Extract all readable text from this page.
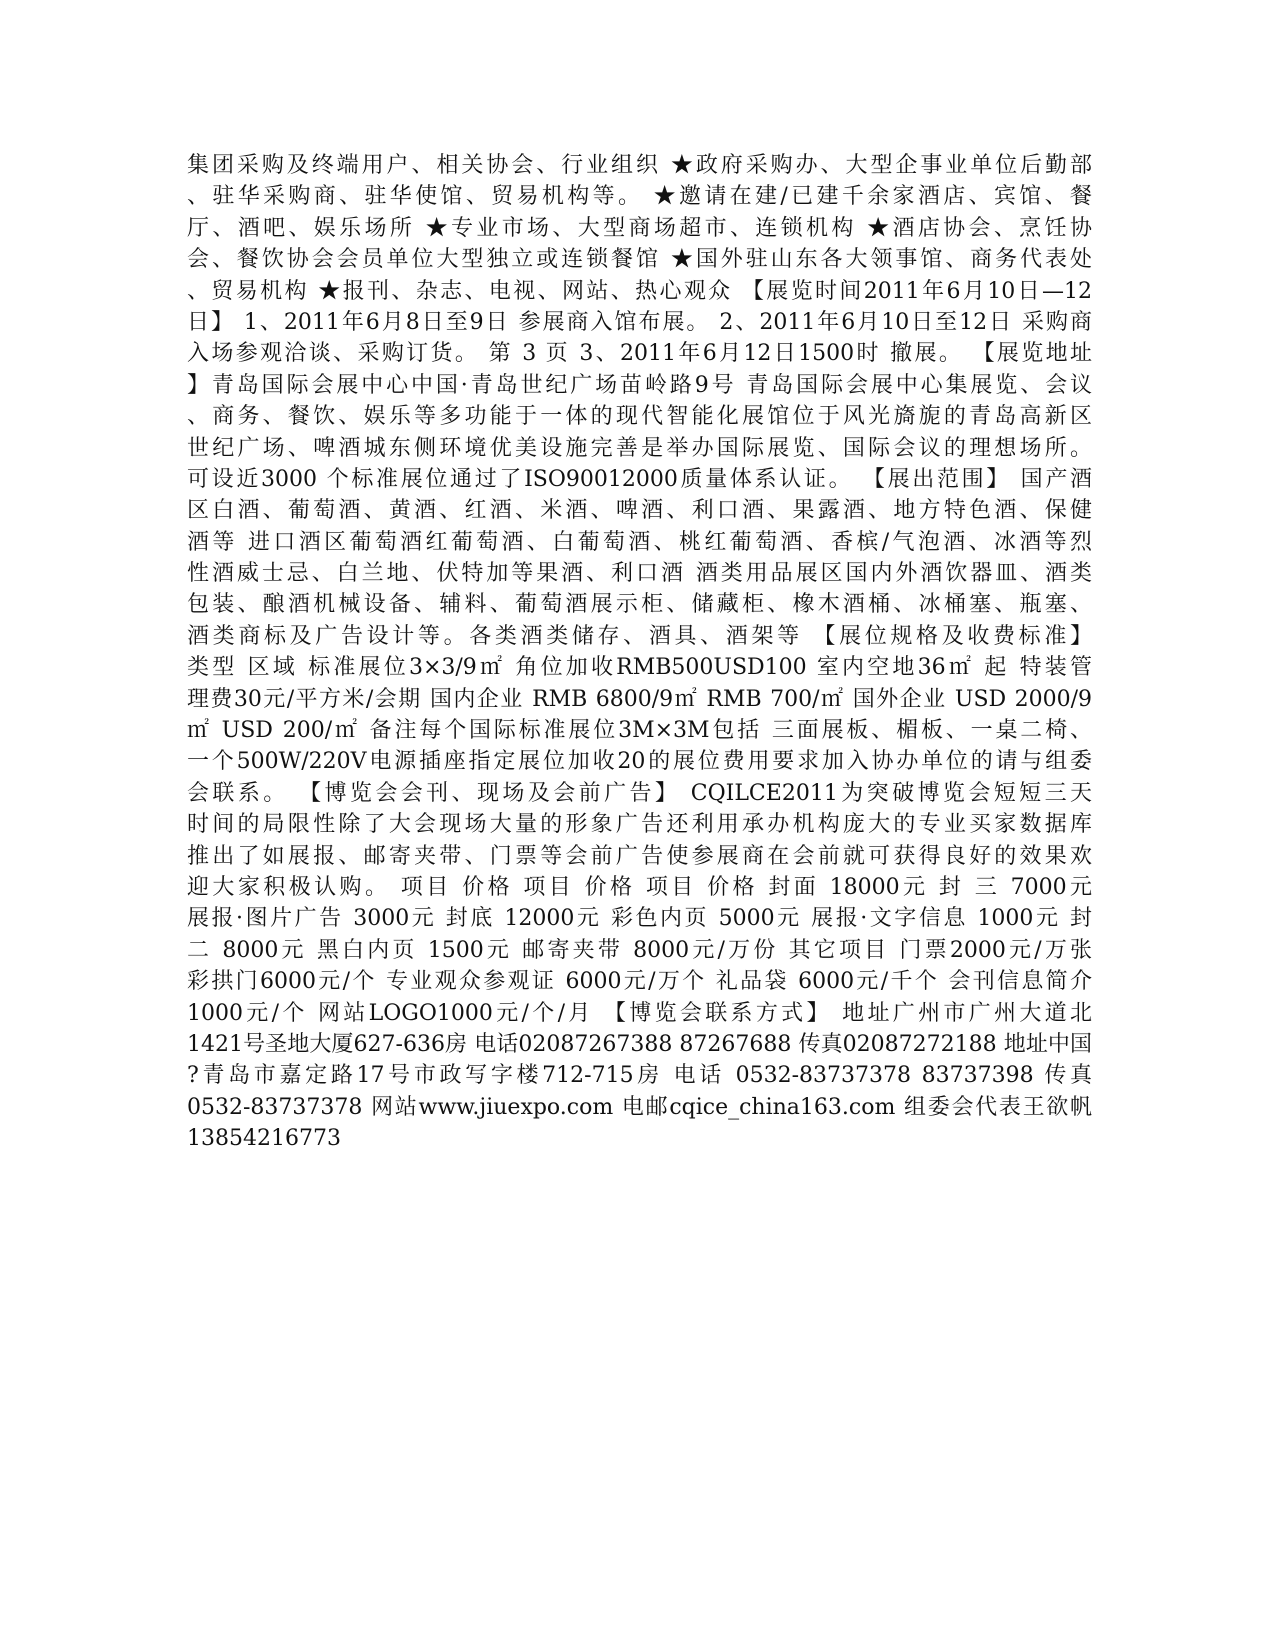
集团采购及终端用户、相关协会、行业组织 ★政府采购办、大型企事业单位后勤部
、驻华采购商、驻华使馆、贸易机构等。 ★邀请在建/已建千余家酒店、宾馆、餐
厅、酒吧、娱乐场所 ★专业市场、大型商场超市、连锁机构 ★酒店协会、烹饪协
会、餐饮协会会员单位大型独立或连锁餐馆 ★国外驻山东各大领事馆、商务代表处
、贸易机构 ★报刊、杂志、电视、网站、热心观众 【展览时间2011年6月10日—12
日】 1、2011年6月8日至9日 参展商入馆布展。 2、2011年6月10日至12日 采购商
入场参观洽谈、采购订货。 第 3 页 3、2011年6月12日1500时 撤展。 【展览地址
】青岛国际会展中心中国·青岛世纪广场苗岭路9号 青岛国际会展中心集展览、会议
、商务、餐饮、娱乐等多功能于一体的现代智能化展馆位于风光旖旎的青岛高新区
世纪广场、啤酒城东侧环境优美设施完善是举办国际展览、国际会议的理想场所。
可设近3000 个标准展位通过了ISO90012000质量体系认证。 【展出范围】 国产酒
区白酒、葡萄酒、黄酒、红酒、米酒、啤酒、利口酒、果露酒、地方特色酒、保健
酒等 进口酒区葡萄酒红葡萄酒、白葡萄酒、桃红葡萄酒、香槟/气泡酒、冰酒等烈
性酒威士忌、白兰地、伏特加等果酒、利口酒 酒类用品展区国内外酒饮器皿、酒类
包装、酿酒机械设备、辅料、葡萄酒展示柜、储藏柜、橡木酒桶、冰桶塞、瓶塞、
酒类商标及广告设计等。各类酒类储存、酒具、酒架等 【展位规格及收费标准】
类型 区域 标准展位3×3/9㎡ 角位加收RMB500USD100 室内空地36㎡ 起 特装管
理费30元/平方米/会期 国内企业 RMB 6800/9㎡ RMB 700/㎡ 国外企业 USD 2000/9
㎡ USD 200/㎡ 备注每个国际标准展位3M×3M包括 三面展板、楣板、一桌二椅、
一个500W/220V电源插座指定展位加收20的展位费用要求加入协办单位的请与组委
会联系。 【博览会会刊、现场及会前广告】 CQILCE2011为突破博览会短短三天
时间的局限性除了大会现场大量的形象广告还利用承办机构庞大的专业买家数据库
推出了如展报、邮寄夹带、门票等会前广告使参展商在会前就可获得良好的效果欢
迎大家积极认购。 项目 价格 项目 价格 项目 价格 封面 18000元 封 三 7000元
展报·图片广告 3000元 封底 12000元 彩色内页 5000元 展报·文字信息 1000元 封
二 8000元 黑白内页 1500元 邮寄夹带 8000元/万份 其它项目 门票2000元/万张
彩拱门6000元/个 专业观众参观证 6000元/万个 礼品袋 6000元/千个 会刊信息简介
1000元/个 网站LOGO1000元/个/月 【博览会联系方式】 地址广州市广州大道北
1421号圣地大厦627-636房 电话02087267388 87267688 传真02087272188 地址中国
?青岛市嘉定路17号市政写字楼712-715房 电话 0532-83737378 83737398 传真
0532-83737378 网站www.jiuexpo.com 电邮cqice_china163.com 组委会代表王欲帆
13854216773
